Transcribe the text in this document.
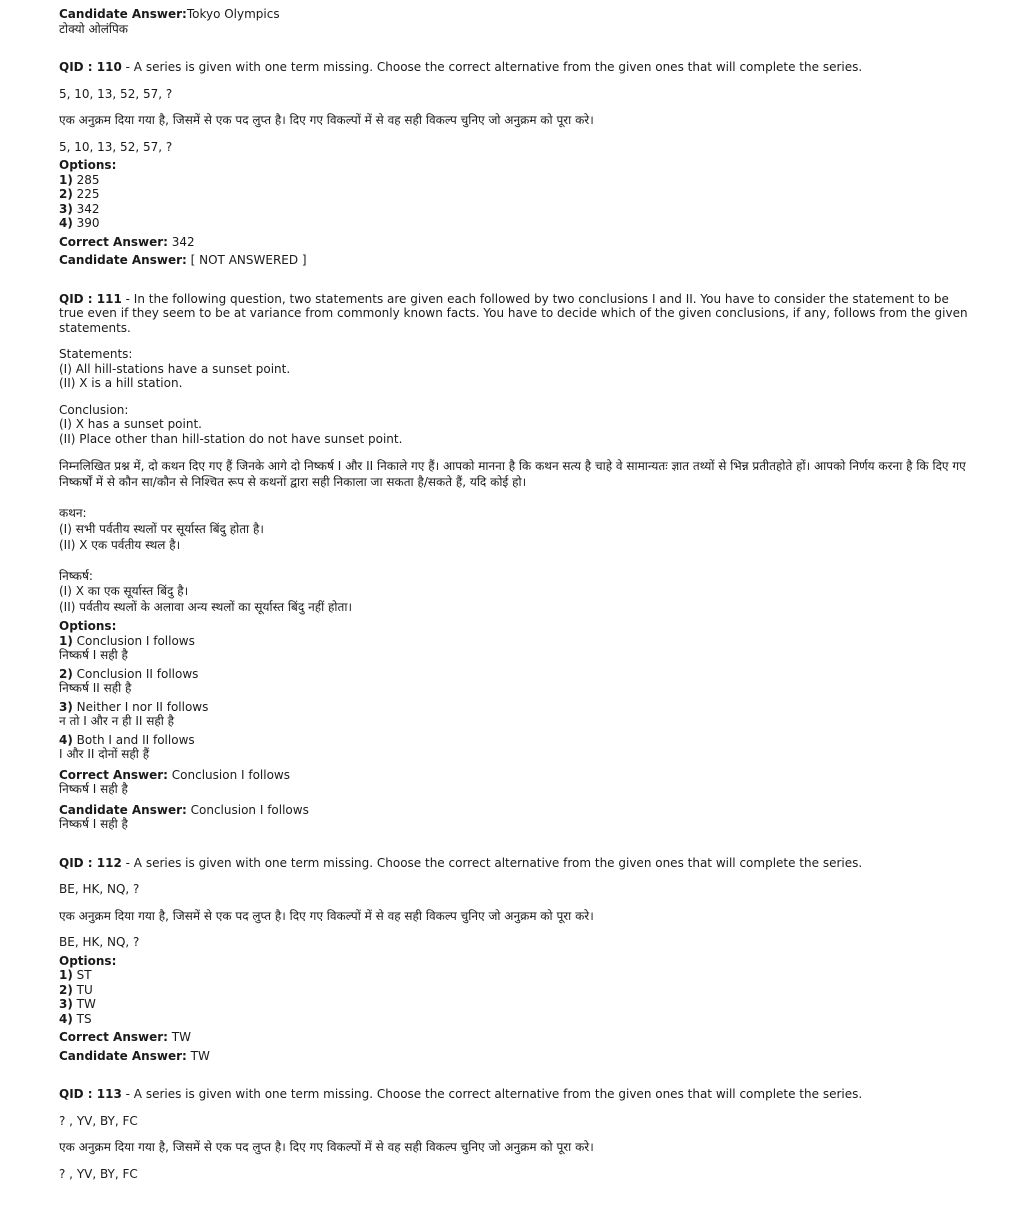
Candidate Answer:Tokyo Olympics
टोक्यो ओलंपिक

QID : 110 - A series is given with one term missing. Choose the correct alternative from the given ones that will complete the series.

5, 10, 13, 52, 57, ?

एक अनुक्रम दिया गया है, जिसमें से एक पद लुप्त है। दिए गए विकल्पों में से वह सही विकल्प चुनिए जो अनुक्रम को पूरा करे।

5, 10, 13, 52, 57, ?

Options:

1) 285
2) 225
3) 342
4) 390

Correct Answer: 342

Candidate Answer: [ NOT ANSWERED ]

QID : 111 - In the following question, two statements are given each followed by two conclusions I and II. You have to consider the statement to be true even if they seem to be at variance from commonly known facts. You have to decide which of the given conclusions, if any, follows from the given statements.

Statements:

(I) All hill-stations have a sunset point.

(II) X is a hill station.

Conclusion:

(I) X has a sunset point.

(II) Place other than hill-station do not have sunset point.

निम्नलिखित प्रश्न में, दो कथन दिए गए हैं जिनके आगे दो निष्कर्ष I और II निकाले गए हैं। आपको मानना है कि कथन सत्य है चाहे वे सामान्यतः ज्ञात तथ्यों से भिन्न प्रतीतहोते हों। आपको निर्णय करना है कि दिए गए निष्कर्षों में से कौन सा/कौन से निश्चित रूप से कथनों द्वारा सही निकाला जा सकता है/सकते हैं, यदि कोई हो।

कथन:

(I) सभी पर्वतीय स्थलों पर सूर्यास्त बिंदु होता है।

(II) X एक पर्वतीय स्थल है।

निष्कर्ष:

(I) X का एक सूर्यास्त बिंदु है।

(II) पर्वतीय स्थलों के अलावा अन्य स्थलों का सूर्यास्त बिंदु नहीं होता।

Options:

1) Conclusion I follows
निष्कर्ष I सही है
2) Conclusion II follows
निष्कर्ष II सही है
3) Neither I nor II follows
न तो I और न ही II सही है
4) Both I and II follows
I और II दोनों सही हैं
Correct Answer: Conclusion I follows
निष्कर्ष I सही है
Candidate Answer: Conclusion I follows
निष्कर्ष I सही है

QID : 112 - A series is given with one term missing. Choose the correct alternative from the given ones that will complete the series.

BE, HK, NQ, ?

एक अनुक्रम दिया गया है, जिसमें से एक पद लुप्त है। दिए गए विकल्पों में से वह सही विकल्प चुनिए जो अनुक्रम को पूरा करे।

BE, HK, NQ, ?

Options:

1) ST
2) TU
3) TW
4) TS

Correct Answer: TW

Candidate Answer: TW

QID : 113 - A series is given with one term missing. Choose the correct alternative from the given ones that will complete the series.

? , YV, BY, FC

एक अनुक्रम दिया गया है, जिसमें से एक पद लुप्त है। दिए गए विकल्पों में से वह सही विकल्प चुनिए जो अनुक्रम को पूरा करे।

? , YV, BY, FC
